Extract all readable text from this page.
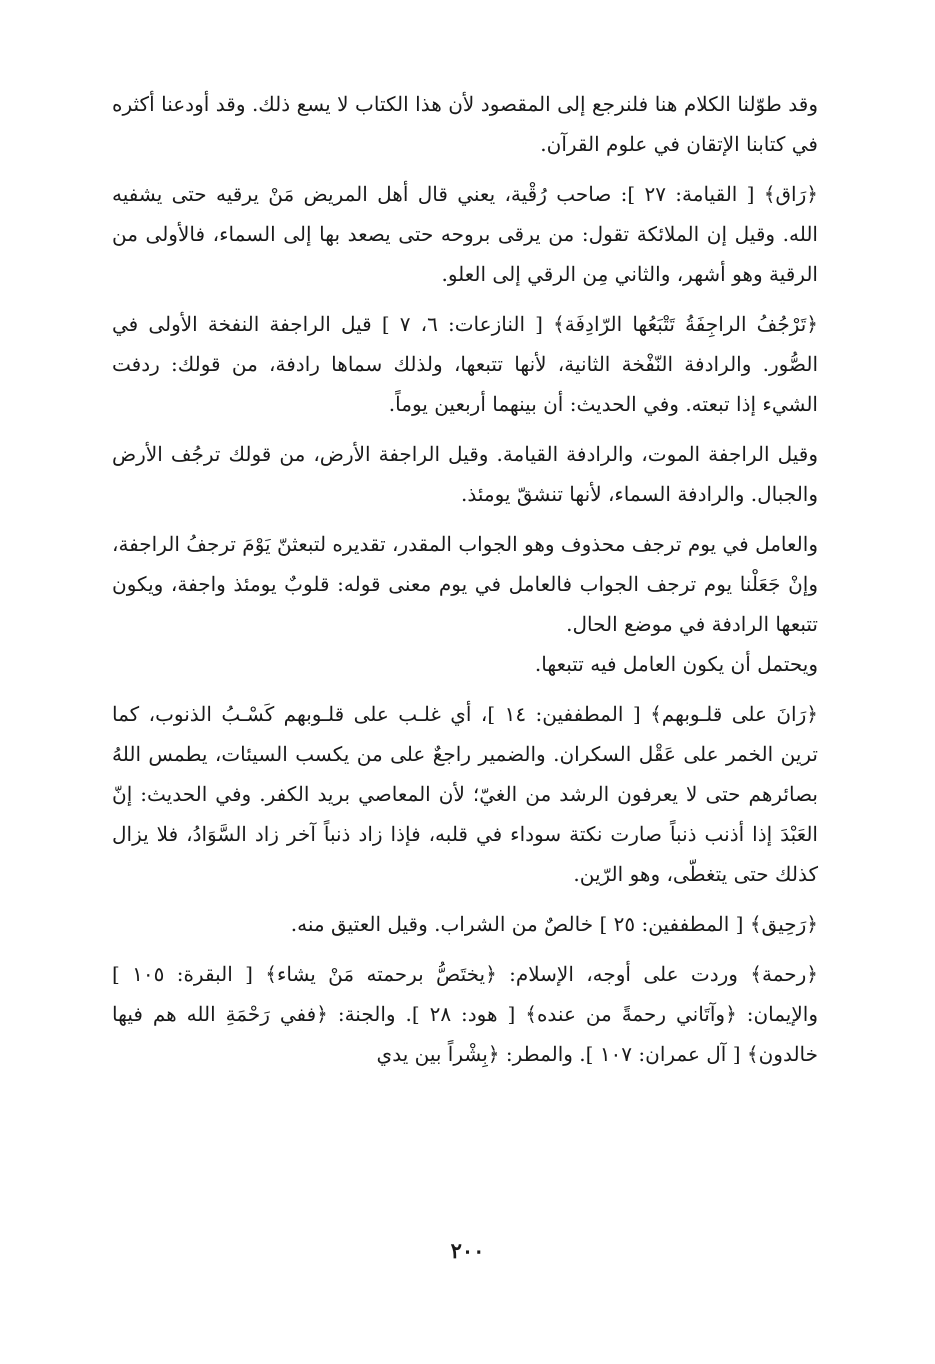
وقد طوّلنا الكلام هنا فلنرجع إلى المقصود لأن هذا الكتاب لا يسع ذلك. وقد أودعنا أكثره في كتابنا الإتقان في علوم القرآن.

﴿رَاق﴾ [ القيامة: ٢٧ ]: صاحب رُقْية، يعني قال أهل المريض مَنْ يرقيه حتى يشفيه الله. وقيل إن الملائكة تقول: من يرقى بروحه حتى يصعد بها إلى السماء، فالأولى من الرقية وهو أشهر، والثاني مِن الرقي إلى العلو.

﴿تَرْجُفُ الراجِفَةُ تَتْبَعُها الرّادِفَة﴾ [ النازعات: ٦، ٧ ] قيل الراجفة النفخة الأولى في الصُّور. والرادفة النّفْخة الثانية، لأنها تتبعها، ولذلك سماها رادفة، من قولك: ردفت الشيء إذا تبعته. وفي الحديث: أن بينهما أربعين يوماً.

وقيل الراجفة الموت، والرادفة القيامة. وقيل الراجفة الأرض، من قولك ترجُف الأرض والجبال. والرادفة السماء، لأنها تنشقّ يومئذ.

والعامل في يوم ترجف محذوف وهو الجواب المقدر، تقديره لتبعثنّ يَوْمَ ترجفُ الراجفة، وإنْ جَعَلْنا يوم ترجف الجواب فالعامل في يوم معنى قوله: قلوبٌ يومئذ واجفة، ويكون تتبعها الرادفة في موضع الحال.

ويحتمل أن يكون العامل فيه تتبعها.

﴿رَانَ على قلـوبهم﴾ [ المطففين: ١٤ ]، أي غلـب على قلـوبهم كَسْـبُ الذنوب، كما ترين الخمر على عَقْل السكران. والضمير راجعٌ على من يكسب السيئات، يطمس اللهُ بصائرهم حتى لا يعرفون الرشد من الغيّ؛ لأن المعاصي بريد الكفر. وفي الحديث: إنّ العَبْدَ إذا أذنب ذنباً صارت نكتة سوداء في قلبه، فإذا زاد ذنباً آخر زاد السَّوَادُ، فلا يزال كذلك حتى يتغطّى، وهو الرّين.

﴿رَحِيق﴾ [ المطففين: ٢٥ ] خالصٌ من الشراب. وقيل العتيق منه.

﴿رحمة﴾ وردت على أوجه، الإسلام: ﴿يختَصُّ برحمته مَنْ يشاء﴾ [ البقرة: ١٠٥ ] والإيمان: ﴿وآتَاني رحمةً من عنده﴾ [ هود: ٢٨ ]. والجنة: ﴿ففي رَحْمَةِ الله هم فيها خالدون﴾ [ آل عمران: ١٠٧ ]. والمطر: ﴿بِشْراً بين يدي

٢٠٠
